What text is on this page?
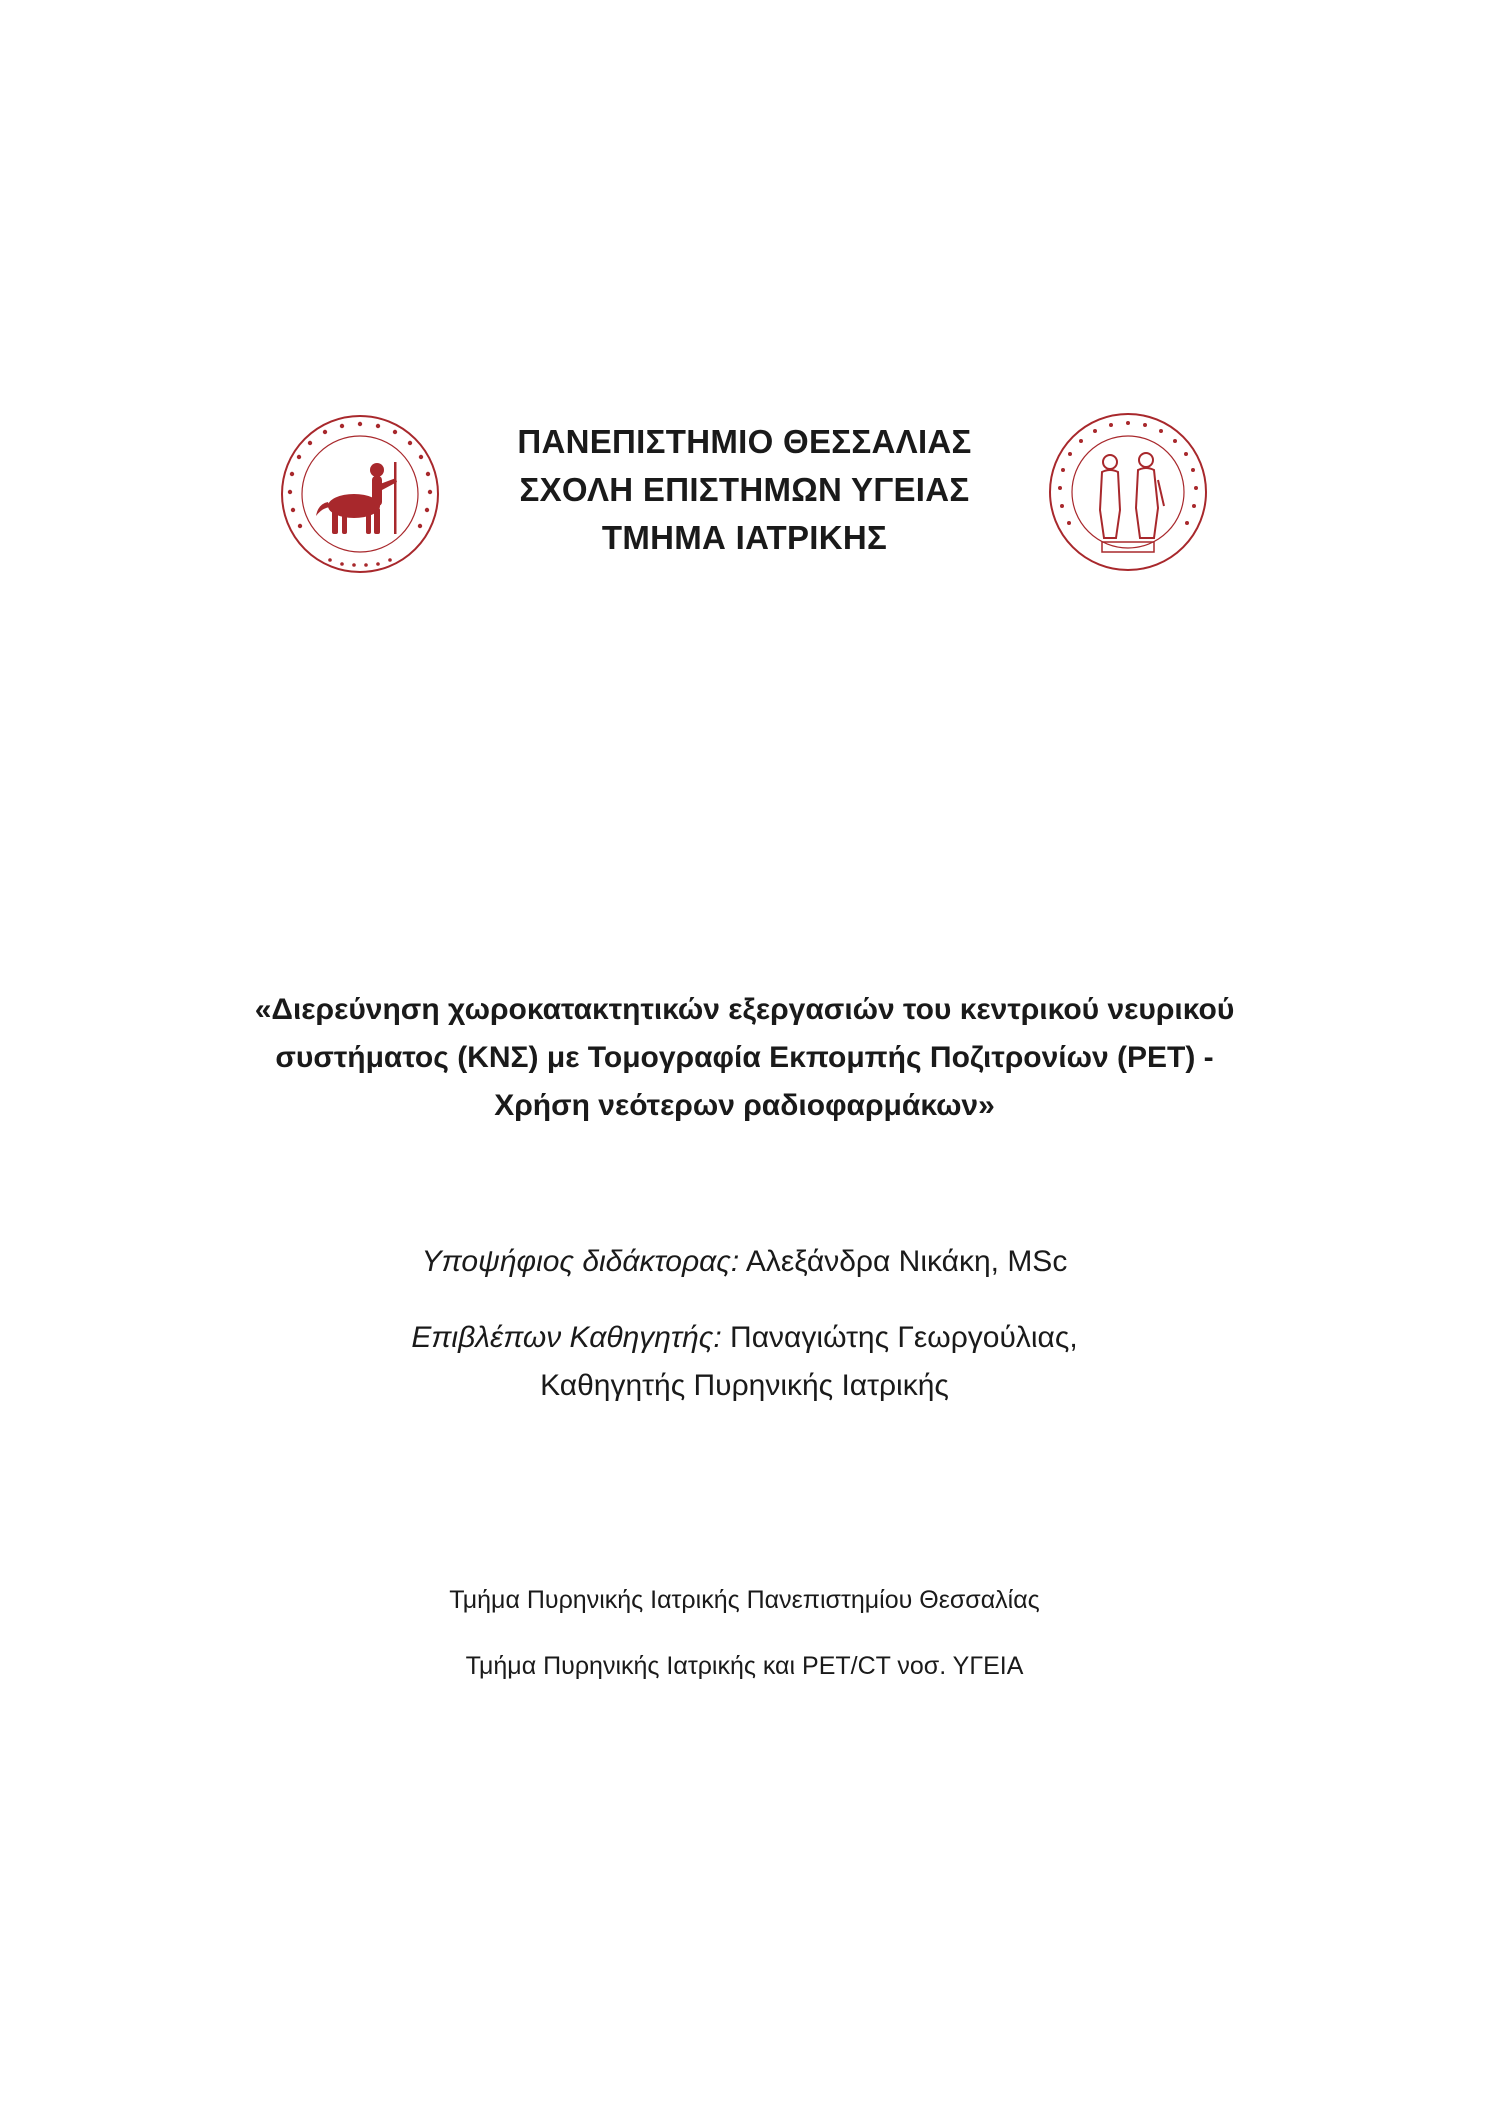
ΠΑΝΕΠΙΣΤΗΜΙΟ ΘΕΣΣΑΛΙΑΣ
ΣΧΟΛΗ ΕΠΙΣΤΗΜΩΝ ΥΓΕΙΑΣ
ΤΜΗΜΑ ΙΑΤΡΙΚΗΣ
«Διερεύνηση χωροκατακτητικών εξεργασιών του κεντρικού νευρικού
συστήματος (ΚΝΣ) με Τομογραφία Εκπομπής Ποζιτρονίων (PET) -
Χρήση νεότερων ραδιοφαρμάκων»
Υποψήφιος διδάκτορας: Αλεξάνδρα Νικάκη, MSc
Επιβλέπων Καθηγητής: Παναγιώτης Γεωργούλιας,
Καθηγητής Πυρηνικής Ιατρικής
Τμήμα Πυρηνικής Ιατρικής Πανεπιστημίου Θεσσαλίας
Τμήμα Πυρηνικής Ιατρικής και PET/CT νοσ. ΥΓΕΙΑ
